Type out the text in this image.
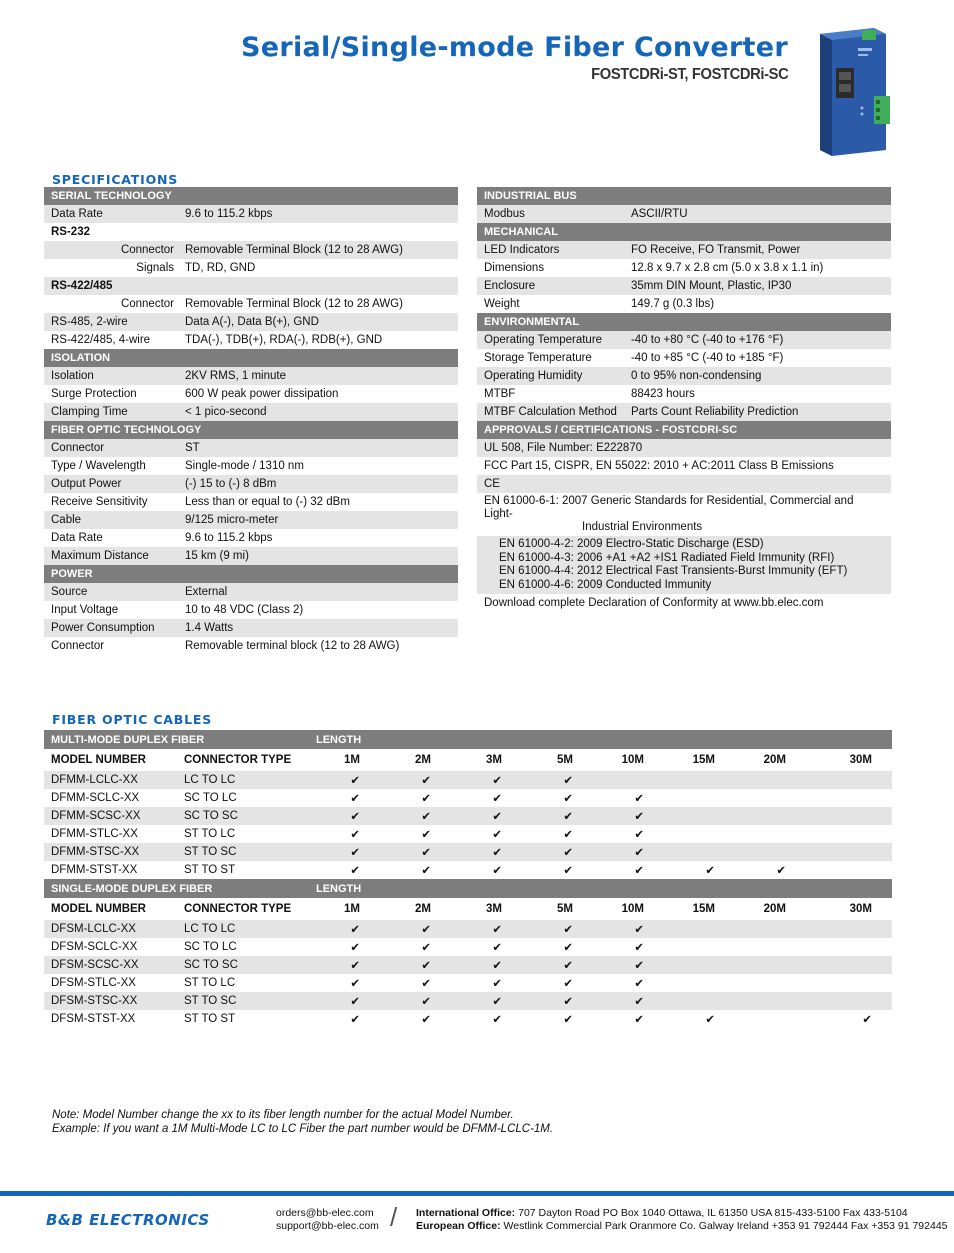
Serial/Single-mode Fiber Converter
FOSTCDRi-ST, FOSTCDRi-SC
SPECIFICATIONS
SERIAL TECHNOLOGY	
Data Rate	9.6 to 115.2 kbps
RS-232	
Connector	Removable Terminal Block (12 to 28 AWG)
Signals	TD, RD, GND
RS-422/485	
Connector	Removable Terminal Block (12 to 28 AWG)
RS-485, 2-wire	Data A(-), Data B(+), GND
RS-422/485, 4-wire	TDA(-), TDB(+), RDA(-), RDB(+), GND
ISOLATION	
Isolation	2KV RMS, 1 minute
Surge Protection	600 W peak power dissipation
Clamping Time	< 1 pico-second
FIBER OPTIC TECHNOLOGY	
Connector	ST
Type / Wavelength	Single-mode / 1310 nm
Output Power	(-) 15 to (-) 8 dBm
Receive Sensitivity	Less than or equal to (-) 32 dBm
Cable	9/125 micro-meter
Data Rate	9.6 to 115.2 kbps
Maximum Distance	15 km (9 mi)
POWER	
Source	External
Input Voltage	10 to 48 VDC (Class 2)
Power Consumption	1.4 Watts
Connector	Removable terminal block (12 to 28 AWG)
INDUSTRIAL BUS	
Modbus	ASCII/RTU
MECHANICAL	
LED Indicators	FO Receive, FO Transmit, Power
Dimensions	12.8 x 9.7 x 2.8 cm (5.0 x 3.8 x 1.1 in)
Enclosure	35mm DIN Mount, Plastic, IP30
Weight	149.7 g (0.3 lbs)
ENVIRONMENTAL	
Operating Temperature	-40 to +80 °C (-40 to +176 °F)
Storage Temperature	-40 to +85 °C (-40 to +185 °F)
Operating Humidity	0 to 95% non-condensing
MTBF	88423 hours
MTBF Calculation Method	Parts Count Reliability Prediction
APPROVALS / CERTIFICATIONS - FOSTCDRI-SC	
UL 508, File Number: E222870	
FCC Part 15, CISPR, EN 55022: 2010 + AC:2011 Class B Emissions	
CE	

EN 61000-6-1: 2007 Generic Standards for Residential, Commercial and Light-
Industrial Environments	

EN 61000-4-2: 2009 Electro-Static Discharge (ESD)
EN 61000-4-3: 2006 +A1 +A2 +IS1 Radiated Field Immunity (RFI)
EN 61000-4-4: 2012 Electrical Fast Transients-Burst Immunity (EFT)
EN 61000-4-6: 2009 Conducted Immunity	

Download complete Declaration of Conformity at www.bb.elec.com	
FIBER OPTIC CABLES
MULTI-MODE DUPLEX FIBER		LENGTH							
MODEL NUMBER	CONNECTOR TYPE	1M	2M	3M	5M	10M	15M	20M	30M
DFMM-LCLC-XX	LC TO LC	✔	✔	✔	✔				
DFMM-SCLC-XX	SC TO LC	✔	✔	✔	✔	✔			
DFMM-SCSC-XX	SC TO SC	✔	✔	✔	✔	✔			
DFMM-STLC-XX	ST TO LC	✔	✔	✔	✔	✔			
DFMM-STSC-XX	ST TO SC	✔	✔	✔	✔	✔			
DFMM-STST-XX	ST TO ST	✔	✔	✔	✔	✔	✔	✔	
SINGLE-MODE DUPLEX FIBER		LENGTH							
MODEL NUMBER	CONNECTOR TYPE	1M	2M	3M	5M	10M	15M	20M	30M
DFSM-LCLC-XX	LC TO LC	✔	✔	✔	✔	✔			
DFSM-SCLC-XX	SC TO LC	✔	✔	✔	✔	✔			
DFSM-SCSC-XX	SC TO SC	✔	✔	✔	✔	✔			
DFSM-STLC-XX	ST TO LC	✔	✔	✔	✔	✔			
DFSM-STSC-XX	ST TO SC	✔	✔	✔	✔	✔			
DFSM-STST-XX	ST TO ST	✔	✔	✔	✔	✔	✔		✔
Note: Model Number change the xx to its fiber length number for the actual Model Number.
Example: If you want a 1M Multi-Mode LC to LC Fiber the part number would be DFMM-LCLC-1M.
B&B ELECTRONICS	orders@bb-elec.com
support@bb-elec.com / International Office: 707 Dayton Road PO Box 1040 Ottawa, IL 61350 USA 815-433-5100 Fax 433-5104
European Office: Westlink Commercial Park Oranmore Co. Galway Ireland +353 91 792444 Fax +353 91 792445
